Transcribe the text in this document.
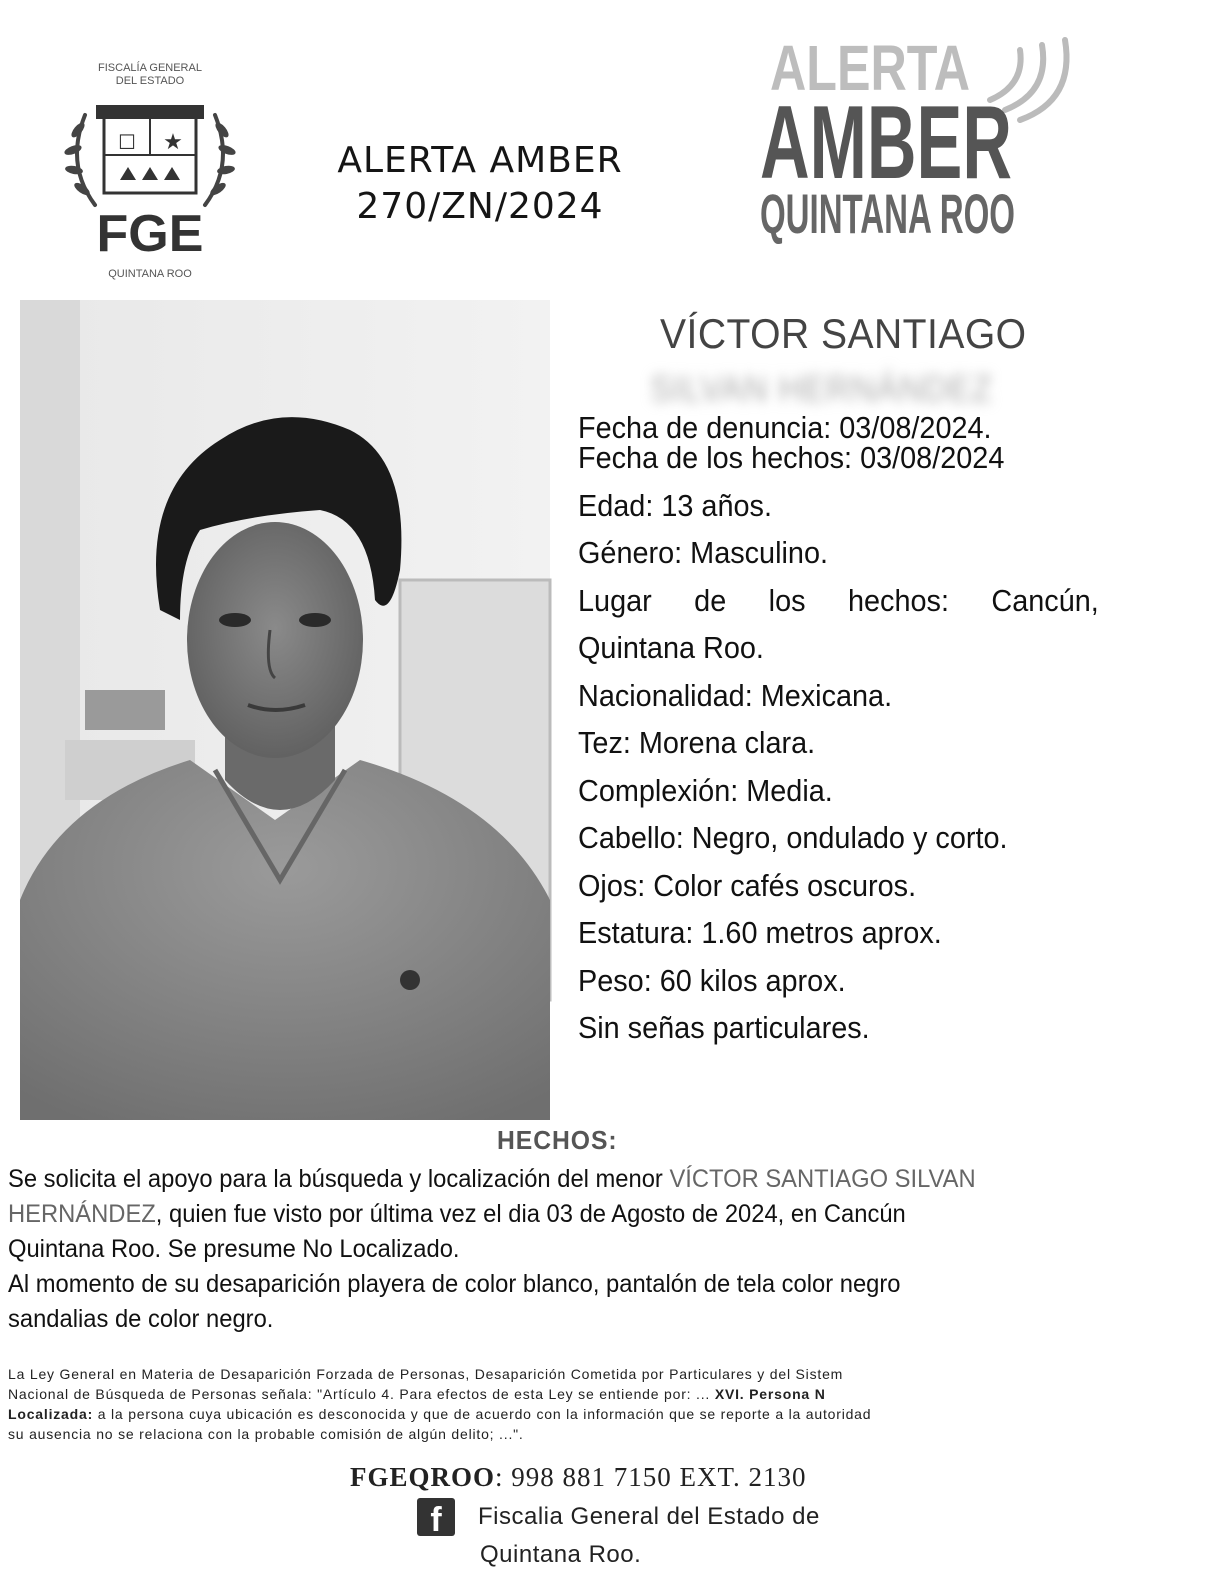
FISCALÍA GENERAL
DEL ESTADO
☐ ★
FGE
QUINTANA ROO
ALERTA AMBER
270/ZN/2024
ALERTA
AMBER
QUINTANA ROO
VÍCTOR SANTIAGO
SILVAN HERNÁNDEZ
Fecha de denuncia: 03/08/2024.
Fecha de los hechos: 03/08/2024
Edad: 13 años.
Género: Masculino.
Lugar de los hechos: Cancún,
Quintana Roo.
Nacionalidad: Mexicana.
Tez: Morena clara.
Complexión: Media.
Cabello: Negro, ondulado y corto.
Ojos: Color cafés oscuros.
Estatura: 1.60 metros aprox.
Peso: 60 kilos aprox.
Sin señas particulares.
HECHOS:
Se solicita el apoyo para la búsqueda y localización del menor VÍCTOR SANTIAGO SILVAN
HERNÁNDEZ, quien fue visto por última vez el dia 03 de Agosto de 2024, en Cancún
Quintana Roo. Se presume No Localizado.
Al momento de su desaparición playera de color blanco, pantalón de tela color negro
sandalias de color negro.
La Ley General en Materia de Desaparición Forzada de Personas, Desaparición Cometida por Particulares y del Sistem
Nacional de Búsqueda de Personas señala: "Artículo 4. Para efectos de esta Ley se entiende por: ... XVI. Persona N
Localizada: a la persona cuya ubicación es desconocida y que de acuerdo con la información que se reporte a la autoridad
su ausencia no se relaciona con la probable comisión de algún delito; ...".
FGEQROO: 998 881 7150 EXT. 2130
f	Fiscalia General del Estado de
Quintana Roo.
